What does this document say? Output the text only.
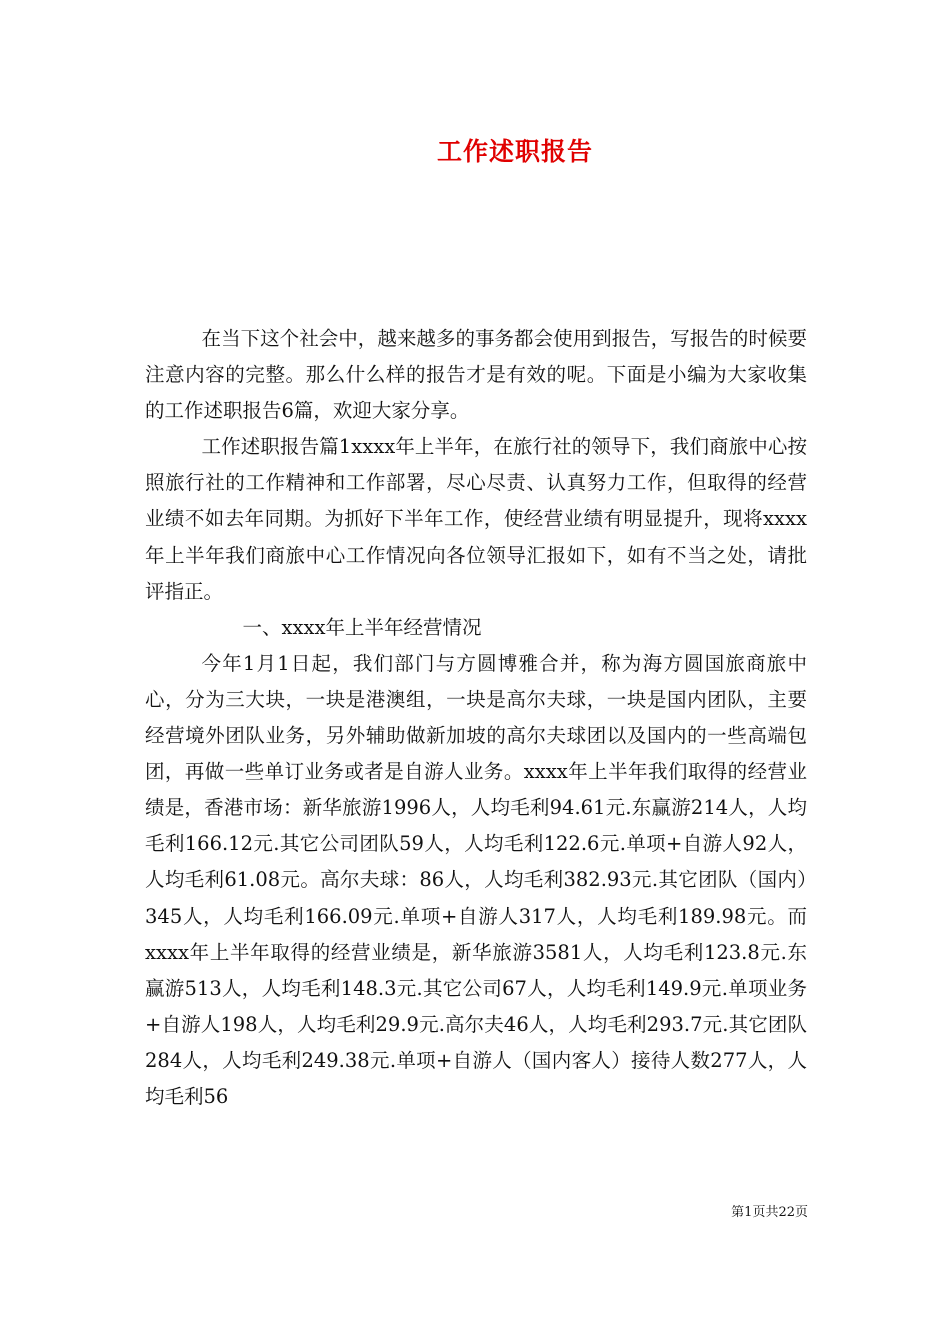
工作述职报告

在当下这个社会中，越来越多的事务都会使用到报告，写报告的时候要注意内容的完整。那么什么样的报告才是有效的呢。下面是小编为大家收集的工作述职报告6篇，欢迎大家分享。

工作述职报告篇1xxxx年上半年，在旅行社的领导下，我们商旅中心按照旅行社的工作精神和工作部署，尽心尽责、认真努力工作，但取得的经营业绩不如去年同期。为抓好下半年工作，使经营业绩有明显提升，现将xxxx年上半年我们商旅中心工作情况向各位领导汇报如下，如有不当之处，请批评指正。

一、xxxx年上半年经营情况

今年1月1日起，我们部门与方圆博雅合并，称为海方圆国旅商旅中心，分为三大块，一块是港澳组，一块是高尔夫球，一块是国内团队，主要经营境外团队业务，另外辅助做新加坡的高尔夫球团以及国内的一些高端包团，再做一些单订业务或者是自游人业务。xxxx年上半年我们取得的经营业绩是，香港市场：新华旅游1996人，人均毛利94.61元.东赢游214人，人均毛利166.12元.其它公司团队59人，人均毛利122.6元.单项+自游人92人，人均毛利61.08元。高尔夫球：86人，人均毛利382.93元.其它团队（国内）345人，人均毛利166.09元.单项+自游人317人，人均毛利189.98元。而xxxx年上半年取得的经营业绩是，新华旅游3581人，人均毛利123.8元.东赢游513人，人均毛利148.3元.其它公司67人，人均毛利149.9元.单项业务+自游人198人，人均毛利29.9元.高尔夫46人，人均毛利293.7元.其它团队284人，人均毛利249.38元.单项+自游人（国内客人）接待人数277人，人均毛利56

第1页共22页
